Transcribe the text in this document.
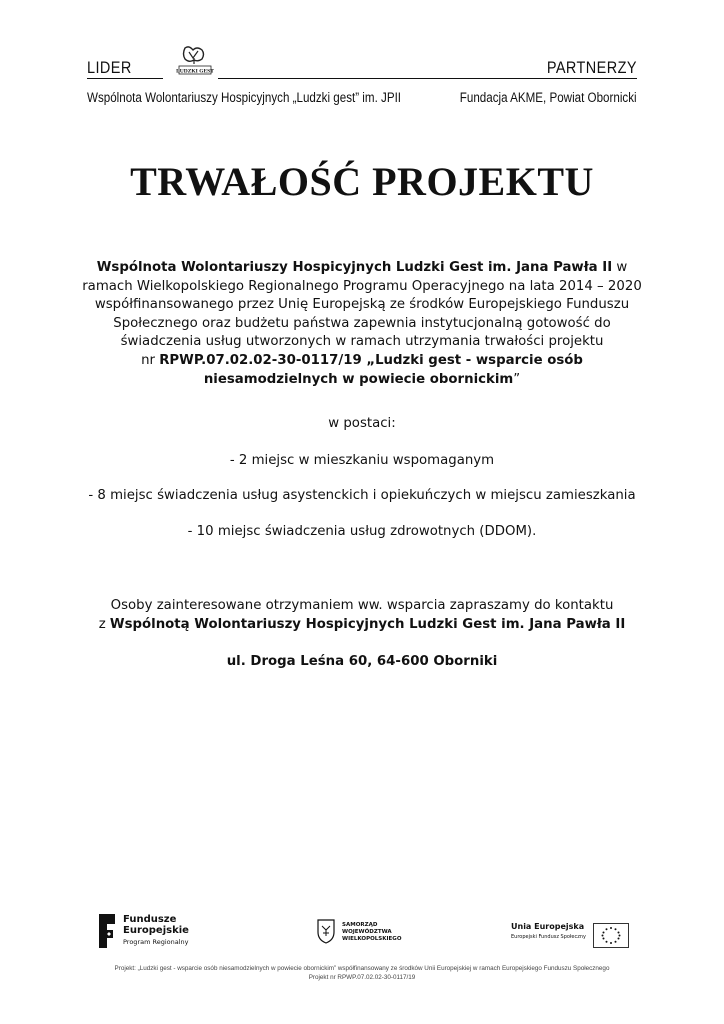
LIDER	LUDZKI GEST	PARTNERZY
Wspólnota Wolontariuszy Hospicyjnych „Ludzki gest” im. JPII	Fundacja AKME, Powiat Obornicki
TRWAŁOŚĆ PROJEKTU

Wspólnota Wolontariuszy Hospicyjnych Ludzki Gest im. Jana Pawła II w ramach Wielkopolskiego Regionalnego Programu Operacyjnego na lata 2014 – 2020 współfinansowanego przez Unię Europejską ze środków Europejskiego Funduszu Społecznego oraz budżetu państwa zapewnia instytucjonalną gotowość do świadczenia usług utworzonych w ramach utrzymania trwałości projektu

nr RPWP.07.02.02-30-0117/19 „Ludzki gest - wsparcie osób niesamodzielnych w powiecie obornickim”

w postaci:
- 2 miejsc w mieszkaniu wspomaganym
- 8 miejsc świadczenia usług asystenckich i opiekuńczych w miejscu zamieszkania
- 10 miejsc świadczenia usług zdrowotnych (DDOM).
Osoby zainteresowane otrzymaniem ww. wsparcia zapraszamy do kontaktu
z Wspólnotą Wolontariuszy Hospicyjnych Ludzki Gest im. Jana Pawła II
ul. Droga Leśna 60, 64-600 Oborniki
Fundusze
Europejskie
Program Regionalny
SAMORZĄD WOJEWÓDZTWA
WIELKOPOLSKIEGO
Unia Europejska
Europejski Fundusz Społeczny
Projekt: „Ludzki gest - wsparcie osób niesamodzielnych w powiecie obornickim” współfinansowany ze środków Unii Europejskiej w ramach Europejskiego Funduszu Społecznego
Projekt nr RPWP.07.02.02-30-0117/19
